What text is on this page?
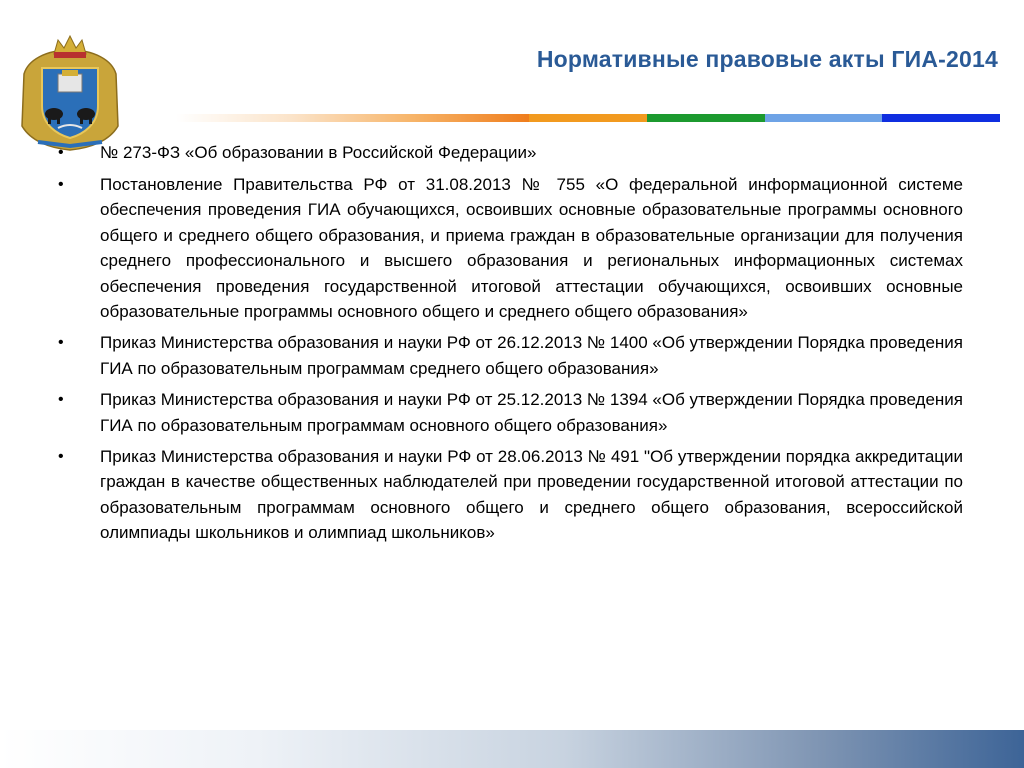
Нормативные правовые акты ГИА-2014
•	№ 273-ФЗ «Об образовании в Российской Федерации»
•	Постановление Правительства РФ от 31.08.2013 № 755 «О федеральной информационной системе обеспечения проведения ГИА обучающихся, освоивших основные образовательные программы основного общего и среднего общего образования, и приема граждан в образовательные организации для получения среднего профессионального и высшего образования и региональных информационных системах обеспечения проведения государственной итоговой аттестации обучающихся, освоивших основные образовательные программы основного общего и среднего общего образования»
•	Приказ Министерства образования и науки РФ от 26.12.2013 № 1400 «Об утверждении Порядка проведения ГИА по образовательным программам среднего общего образования»
•	Приказ Министерства образования и науки РФ от 25.12.2013 № 1394 «Об утверждении Порядка проведения ГИА по образовательным программам основного общего образования»
•	Приказ Министерства образования и науки РФ от 28.06.2013 № 491 "Об утверждении порядка аккредитации граждан в качестве общественных наблюдателей при проведении государственной итоговой аттестации по образовательным программам основного общего и среднего общего образования, всероссийской олимпиады школьников и олимпиад школьников»
